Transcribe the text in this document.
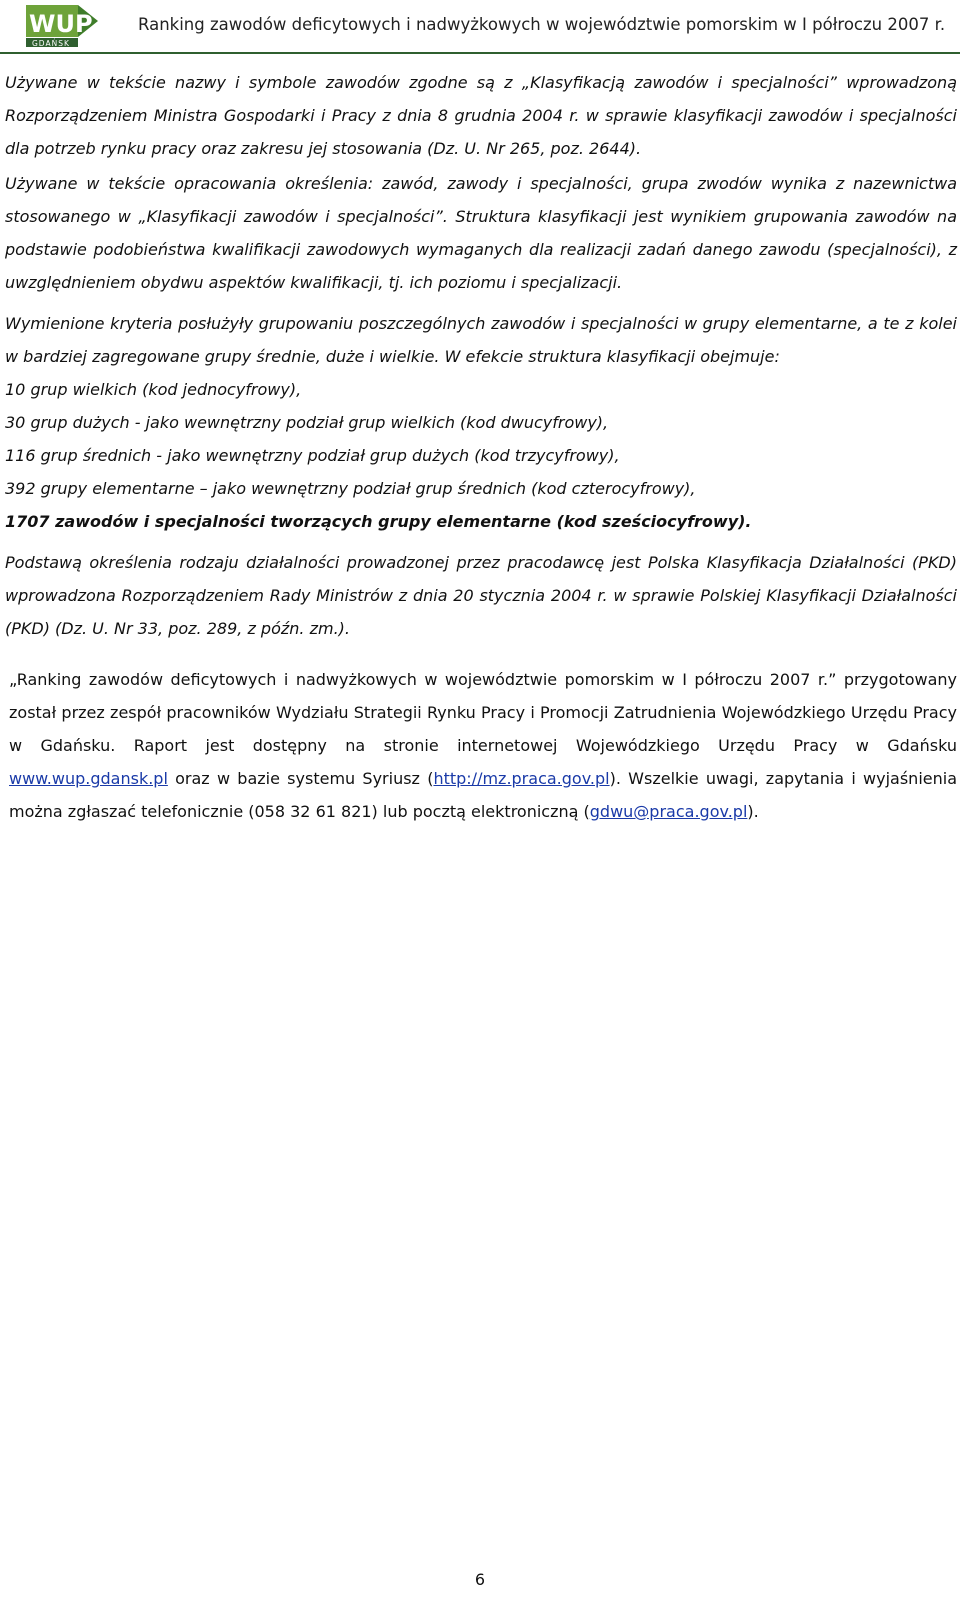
WUP
GDAŃSK
Ranking zawodów deficytowych i nadwyżkowych w województwie pomorskim w I półroczu 2007 r.

Używane w tekście nazwy i symbole zawodów zgodne są z „Klasyfikacją zawodów i specjalności” wprowadzoną Rozporządzeniem Ministra Gospodarki i Pracy z dnia 8 grudnia 2004 r. w sprawie klasyfikacji zawodów i specjalności dla potrzeb rynku pracy oraz zakresu jej stosowania (Dz. U. Nr 265, poz. 2644).

Używane w tekście opracowania określenia: zawód, zawody i specjalności, grupa zwodów wynika z nazewnictwa stosowanego w „Klasyfikacji zawodów i specjalności”. Struktura klasyfikacji jest wynikiem grupowania zawodów na podstawie podobieństwa kwalifikacji zawodowych wymaganych dla realizacji zadań danego zawodu (specjalności), z uwzględnieniem obydwu aspektów kwalifikacji, tj. ich poziomu i specjalizacji.

Wymienione kryteria posłużyły grupowaniu poszczególnych zawodów i specjalności w grupy elementarne, a te z kolei w bardziej zagregowane grupy średnie, duże i wielkie. W efekcie struktura klasyfikacji obejmuje:

10 grup wielkich (kod jednocyfrowy),
30 grup dużych - jako wewnętrzny podział grup wielkich (kod dwucyfrowy),
116 grup średnich - jako wewnętrzny podział grup dużych (kod trzycyfrowy),
392 grupy elementarne – jako wewnętrzny podział grup średnich (kod czterocyfrowy),
1707 zawodów i specjalności tworzących grupy elementarne (kod sześciocyfrowy).

Podstawą określenia rodzaju działalności prowadzonej przez pracodawcę jest Polska Klasyfikacja Działalności (PKD) wprowadzona Rozporządzeniem Rady Ministrów z dnia 20 stycznia 2004 r. w sprawie Polskiej Klasyfikacji Działalności (PKD) (Dz. U. Nr 33, poz. 289, z późn. zm.).

„Ranking zawodów deficytowych i nadwyżkowych w województwie pomorskim w I półroczu 2007 r.” przygotowany został przez zespół pracowników Wydziału Strategii Rynku Pracy i Promocji Zatrudnienia Wojewódzkiego Urzędu Pracy w Gdańsku. Raport jest dostępny na stronie internetowej Wojewódzkiego Urzędu Pracy w Gdańsku www.wup.gdansk.pl oraz w bazie systemu Syriusz (http://mz.praca.gov.pl). Wszelkie uwagi, zapytania i wyjaśnienia można zgłaszać telefonicznie (058 32 61 821) lub pocztą elektroniczną (gdwu@praca.gov.pl).

6
